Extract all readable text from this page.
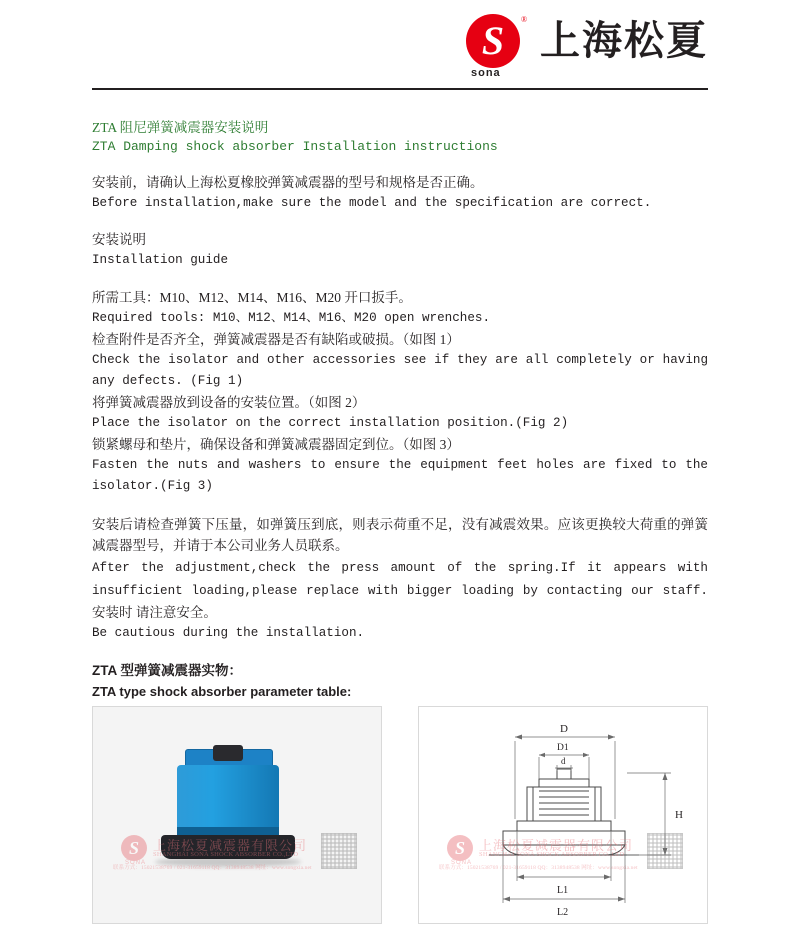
S	®
sona
上海松夏
ZTA 阻尼弹簧减震器安装说明
ZTA Damping shock absorber Installation instructions
安装前，请确认上海松夏橡胶弹簧减震器的型号和规格是否正确。
Before installation,make sure the model and the specification are correct.
安装说明
Installation guide
所需工具：M10、M12、M14、M16、M20 开口扳手。
Required tools: M10、M12、M14、M16、M20 open wrenches.
检查附件是否齐全，弹簧减震器是否有缺陷或破损。（如图 1）
Check the isolator and other accessories see if they are all completely or having any defects. (Fig 1)
将弹簧减震器放到设备的安装位置。（如图 2）
Place the isolator on the correct installation position.(Fig 2)
锁紧螺母和垫片，确保设备和弹簧减震器固定到位。（如图 3）
Fasten the nuts and washers to ensure the equipment feet holes are fixed to the isolator.(Fig 3)
安装后请检查弹簧下压量，如弹簧压到底，则表示荷重不足，没有减震效果。应该更换较大荷重的弹簧减震器型号，并请于本公司业务人员联系。
After the adjustment,check the press amount of the spring.If it appears with insufficient loading,please replace with bigger loading by contacting our staff. 安装时 请注意安全。
Be cautious during the installation.
ZTA 型弹簧减震器实物：
ZTA type shock absorber parameter table:
S
SONA
上海松夏减震器有限公司
SHANGHAI SONA SHOCK ABSORBER CO.,LTD
联系方式：15021538769 / 021-31659118 QQ：3138948538 网址：www.songxia.net
D
D1
d
H
L1
L2
S
SONA
上海松夏减震器有限公司
SHANGHAI SONA SHOCK ABSORBER CO.,LTD
联系方式：15021538769 / 021-31659118 QQ：3138948538 网址：www.songxia.net
